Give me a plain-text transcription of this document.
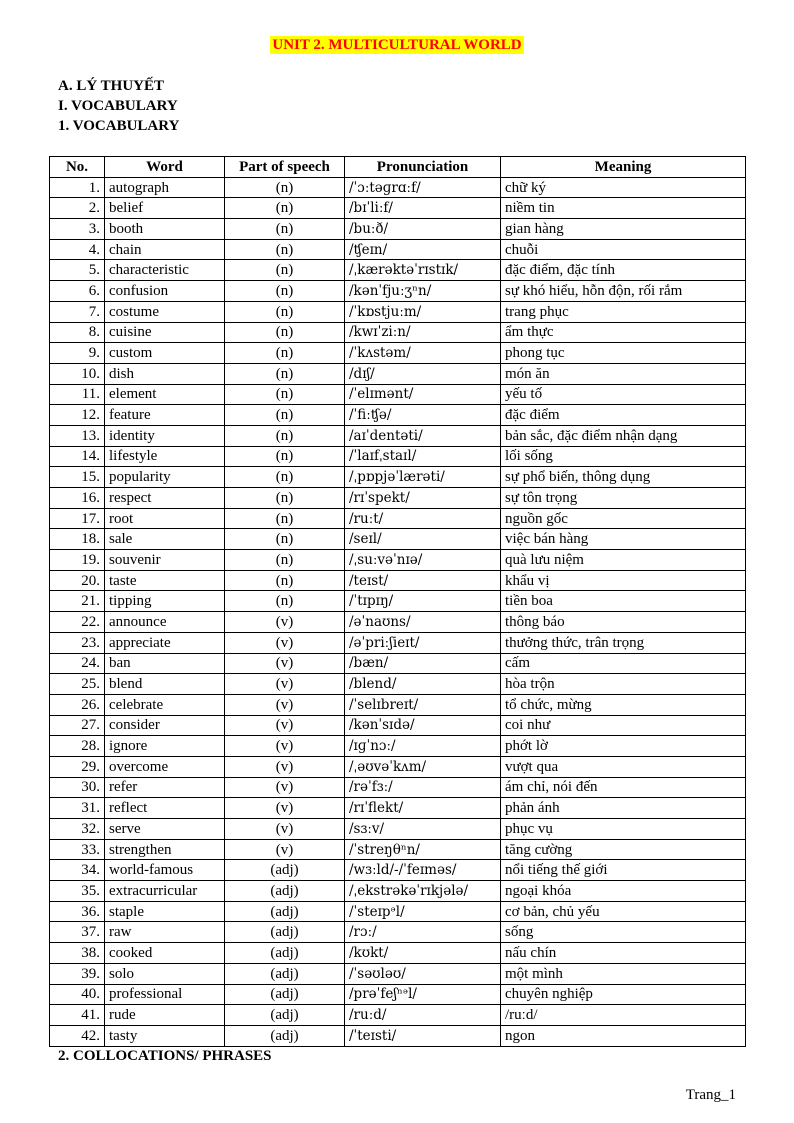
UNIT 2. MULTICULTURAL WORLD
A. LÝ THUYẾT
I. VOCABULARY
1. VOCABULARY
No.	Word	Part of speech	Pronunciation	Meaning
1.	autograph	(n)	/ˈɔːtəɡrɑːf/	chữ ký
2.	belief	(n)	/bɪˈliːf/	niềm tin
3.	booth	(n)	/buːð/	gian hàng
4.	chain	(n)	/ʧeɪn/	chuỗi
5.	characteristic	(n)	/ˌkærəktəˈrɪstɪk/	đặc điểm, đặc tính
6.	confusion	(n)	/kənˈfjuːʒⁿn/	sự khó hiểu, hỗn độn, rối rắm
7.	costume	(n)	/ˈkɒstjuːm/	trang phục
8.	cuisine	(n)	/kwɪˈziːn/	ẩm thực
9.	custom	(n)	/ˈkʌstəm/	phong tục
10.	dish	(n)	/dɪʃ/	món ăn
11.	element	(n)	/ˈelɪmənt/	yếu tố
12.	feature	(n)	/ˈfiːʧə/	đặc điểm
13.	identity	(n)	/aɪˈdentəti/	bản sắc, đặc điểm nhận dạng
14.	lifestyle	(n)	/ˈlaɪfˌstaɪl/	lối sống
15.	popularity	(n)	/ˌpɒpjəˈlærəti/	sự phổ biến, thông dụng
16.	respect	(n)	/rɪˈspekt/	sự tôn trọng
17.	root	(n)	/ruːt/	nguồn gốc
18.	sale	(n)	/seɪl/	việc bán hàng
19.	souvenir	(n)	/ˌsuːvəˈnɪə/	quà lưu niệm
20.	taste	(n)	/teɪst/	khẩu vị
21.	tipping	(n)	/ˈtɪpɪŋ/	tiền boa
22.	announce	(v)	/əˈnaʊns/	thông báo
23.	appreciate	(v)	/əˈpriːʃieɪt/	thưởng thức, trân trọng
24.	ban	(v)	/bæn/	cấm
25.	blend	(v)	/blend/	hòa trộn
26.	celebrate	(v)	/ˈselɪbreɪt/	tổ chức, mừng
27.	consider	(v)	/kənˈsɪdə/	coi như
28.	ignore	(v)	/ɪɡˈnɔː/	phớt lờ
29.	overcome	(v)	/ˌəʊvəˈkʌm/	vượt qua
30.	refer	(v)	/rəˈfɜː/	ám chỉ, nói đến
31.	reflect	(v)	/rɪˈflekt/	phản ánh
32.	serve	(v)	/sɜːv/	phục vụ
33.	strengthen	(v)	/ˈstreŋθⁿn/	tăng cường
34.	world-famous	(adj)	/wɜːld/-/ˈfeɪməs/	nổi tiếng thế giới
35.	extracurricular	(adj)	/ˌekstrəkəˈrɪkjələ/	ngoại khóa
36.	staple	(adj)	/ˈsteɪpᵊl/	cơ bản, chủ yếu
37.	raw	(adj)	/rɔː/	sống
38.	cooked	(adj)	/kʊkt/	nấu chín
39.	solo	(adj)	/ˈsəʊləʊ/	một mình
40.	professional	(adj)	/prəˈfeʃⁿᵊl/	chuyên nghiệp
41.	rude	(adj)	/ruːd/	/ruːd/
42.	tasty	(adj)	/ˈteɪsti/	ngon
2. COLLOCATIONS/ PHRASES
Trang_1
